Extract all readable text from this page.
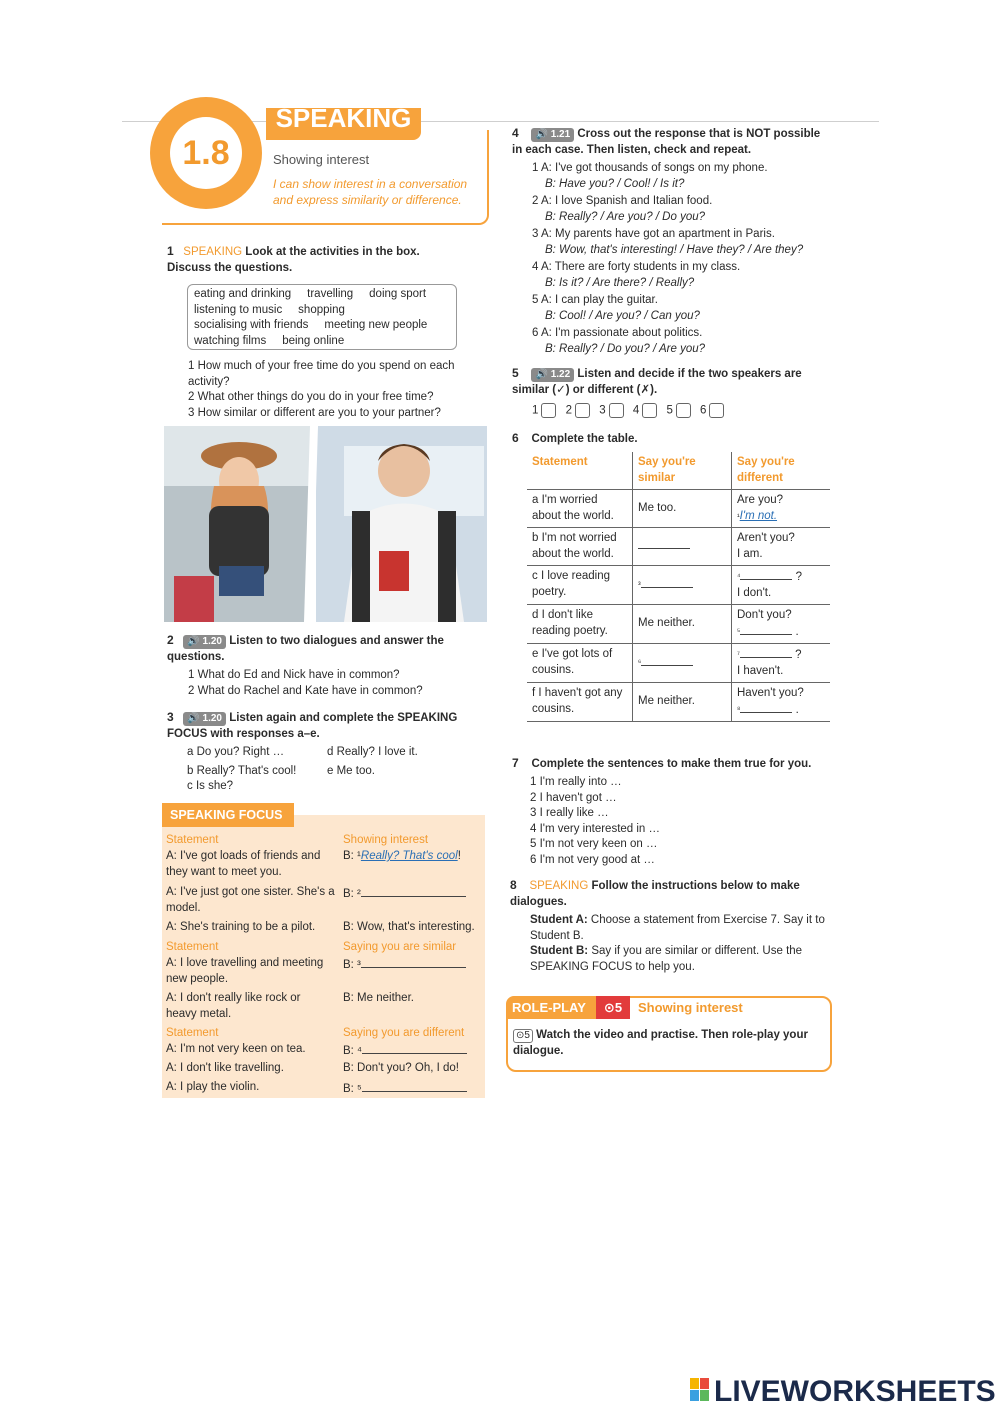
1.8
SPEAKING
Showing interest
I can show interest in a conversation and express similarity or difference.
1 SPEAKING Look at the activities in the box. Discuss the questions.
eating and drinking     travelling     doing sport
listening to music     shopping
socialising with friends     meeting new people
watching films     being online
1 How much of your free time do you spend on each activity?
2 What other things do you do in your free time?
3 How similar or different are you to your partner?
2 🔊 1.20 Listen to two dialogues and answer the questions.
1 What do Ed and Nick have in common?
2 What do Rachel and Kate have in common?
3 🔊 1.20 Listen again and complete the SPEAKING FOCUS with responses a–e.
a Do you? Right …	d Really? I love it.
b Really? That's cool!	e Me too.
c Is she?
SPEAKING FOCUS
Statement	Showing interest
A: I've got loads of friends and they want to meet you.
B: ¹Really? That's cool!
A: I've just got one sister. She's a model.
B: ²
A: She's training to be a pilot.	B: Wow, that's interesting.
Statement	Saying you are similar
A: I love travelling and meeting new people.
B: ³
A: I don't really like rock or heavy metal.
B: Me neither.
Statement	Saying you are different
A: I'm not very keen on tea.	B: ⁴
A: I don't like travelling.	B: Don't you? Oh, I do!
A: I play the violin.	B: ⁵
4 🔊 1.21 Cross out the response that is NOT possible in each case. Then listen, check and repeat.
1 A: I've got thousands of songs on my phone.
B: Have you? / Cool! / Is it?
2 A: I love Spanish and Italian food.
B: Really? / Are you? / Do you?
3 A: My parents have got an apartment in Paris.
B: Wow, that's interesting! / Have they? / Are they?
4 A: There are forty students in my class.
B: Is it? / Are there? / Really?
5 A: I can play the guitar.
B: Cool! / Are you? / Can you?
6 A: I'm passionate about politics.
B: Really? / Do you? / Are you?
5 🔊 1.22 Listen and decide if the two speakers are similar (✓) or different (✗).
1 2 3 4 5 6
6 Complete the table.
Statement	Say you're similar	Say you're different
a I'm worried about the world.	Me too.	Are you?
$^{^1}$I'm not.

b I'm not worried about the world.		Aren't you?
I am.

c I love reading poetry.	$^{^3}$	$^{^4}$ ?
I don't.

d I don't like reading poetry.	Me neither.	Don't you?
$^{^5}$ .

e I've got lots of cousins.	$^{^6}$	$^{^7}$ ?
I haven't.

f I haven't got any cousins.	Me neither.	Haven't you?
$^{^8}$ .
7 Complete the sentences to make them true for you.
1 I'm really into …
2 I haven't got …
3 I really like …
4 I'm very interested in …
5 I'm not very keen on …
6 I'm not very good at …
8 SPEAKING Follow the instructions below to make dialogues.
Student A: Choose a statement from Exercise 7. Say it to Student B.
Student B: Say if you are similar or different. Use the SPEAKING FOCUS to help you.
ROLE-PLAY	⊙5	Showing interest
⊙5 Watch the video and practise. Then role-play your dialogue.
LIVEWORKSHEETS
